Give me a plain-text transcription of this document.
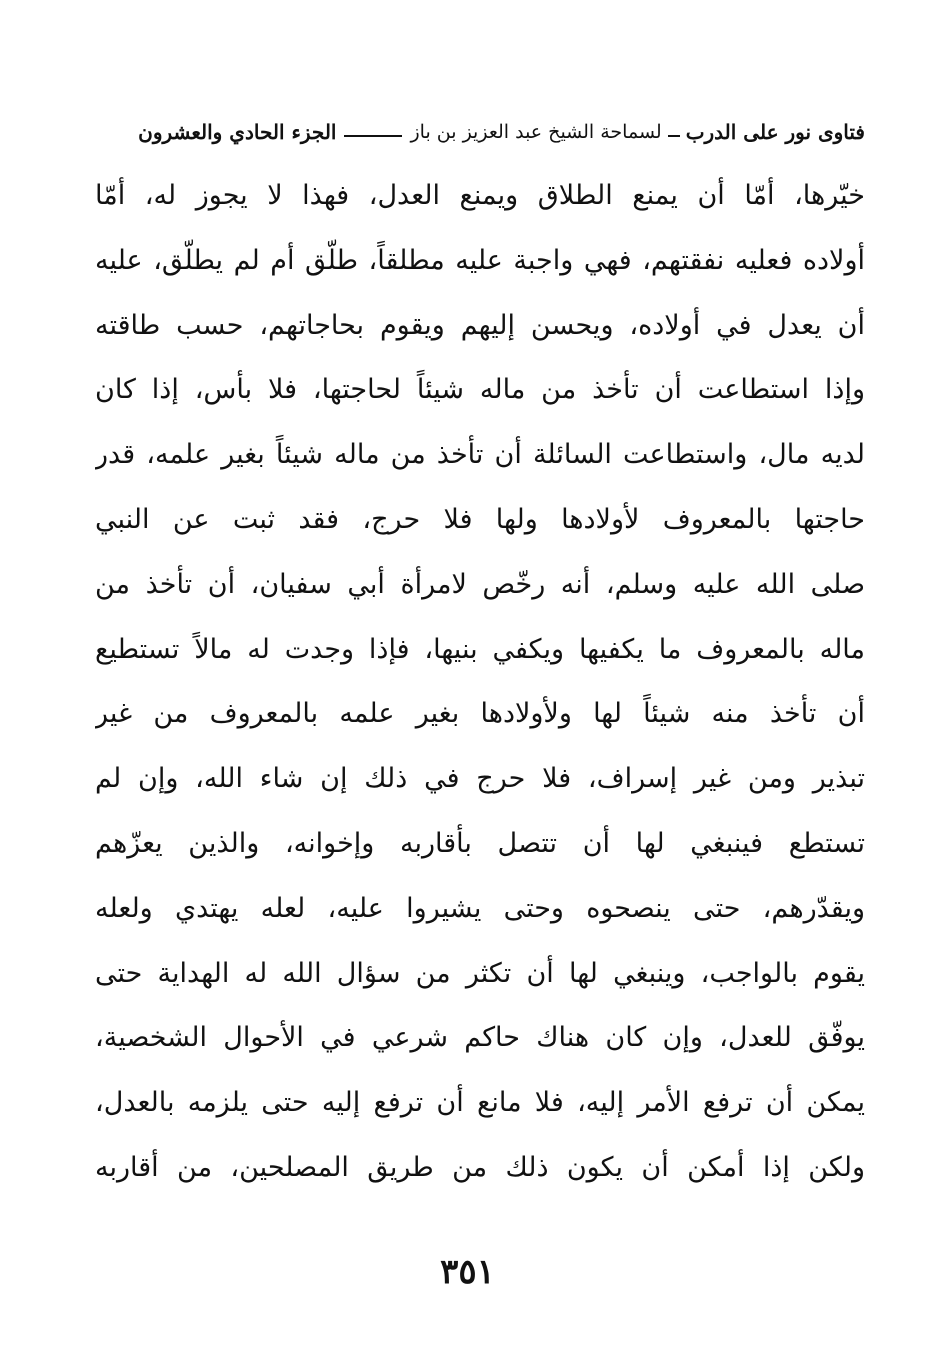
فتاوى نور على الدرب
لسماحة الشيخ عبد العزيز بن باز
الجزء الحادي والعشرون
خيّرها، أمّا أن يمنع الطلاق ويمنع العدل، فهذا لا يجوز له، أمّا
أولاده فعليه نفقتهم، فهي واجبة عليه مطلقاً، طلّق أم لم يطلّق، عليه
أن يعدل في أولاده، ويحسن إليهم ويقوم بحاجاتهم، حسب طاقته
وإذا استطاعت أن تأخذ من ماله شيئاً لحاجتها، فلا بأس، إذا كان
لديه مال، واستطاعت السائلة أن تأخذ من ماله شيئاً بغير علمه، قدر
حاجتها بالمعروف لأولادها ولها فلا حرج، فقد ثبت عن النبي
صلى الله عليه وسلم، أنه رخّص لامرأة أبي سفيان، أن تأخذ من
ماله بالمعروف ما يكفيها ويكفي بنيها، فإذا وجدت له مالاً تستطيع
أن تأخذ منه شيئاً لها ولأولادها بغير علمه بالمعروف من غير
تبذير ومن غير إسراف، فلا حرج في ذلك إن شاء الله، وإن لم
تستطع فينبغي لها أن تتصل بأقاربه وإخوانه، والذين يعزّهم
ويقدّرهم، حتى ينصحوه وحتى يشيروا عليه، لعله يهتدي ولعله
يقوم بالواجب، وينبغي لها أن تكثر من سؤال الله له الهداية حتى
يوفّق للعدل، وإن كان هناك حاكم شرعي في الأحوال الشخصية،
يمكن أن ترفع الأمر إليه، فلا مانع أن ترفع إليه حتى يلزمه بالعدل،
ولكن إذا أمكن أن يكون ذلك من طريق المصلحين، من أقاربه
٣٥١
